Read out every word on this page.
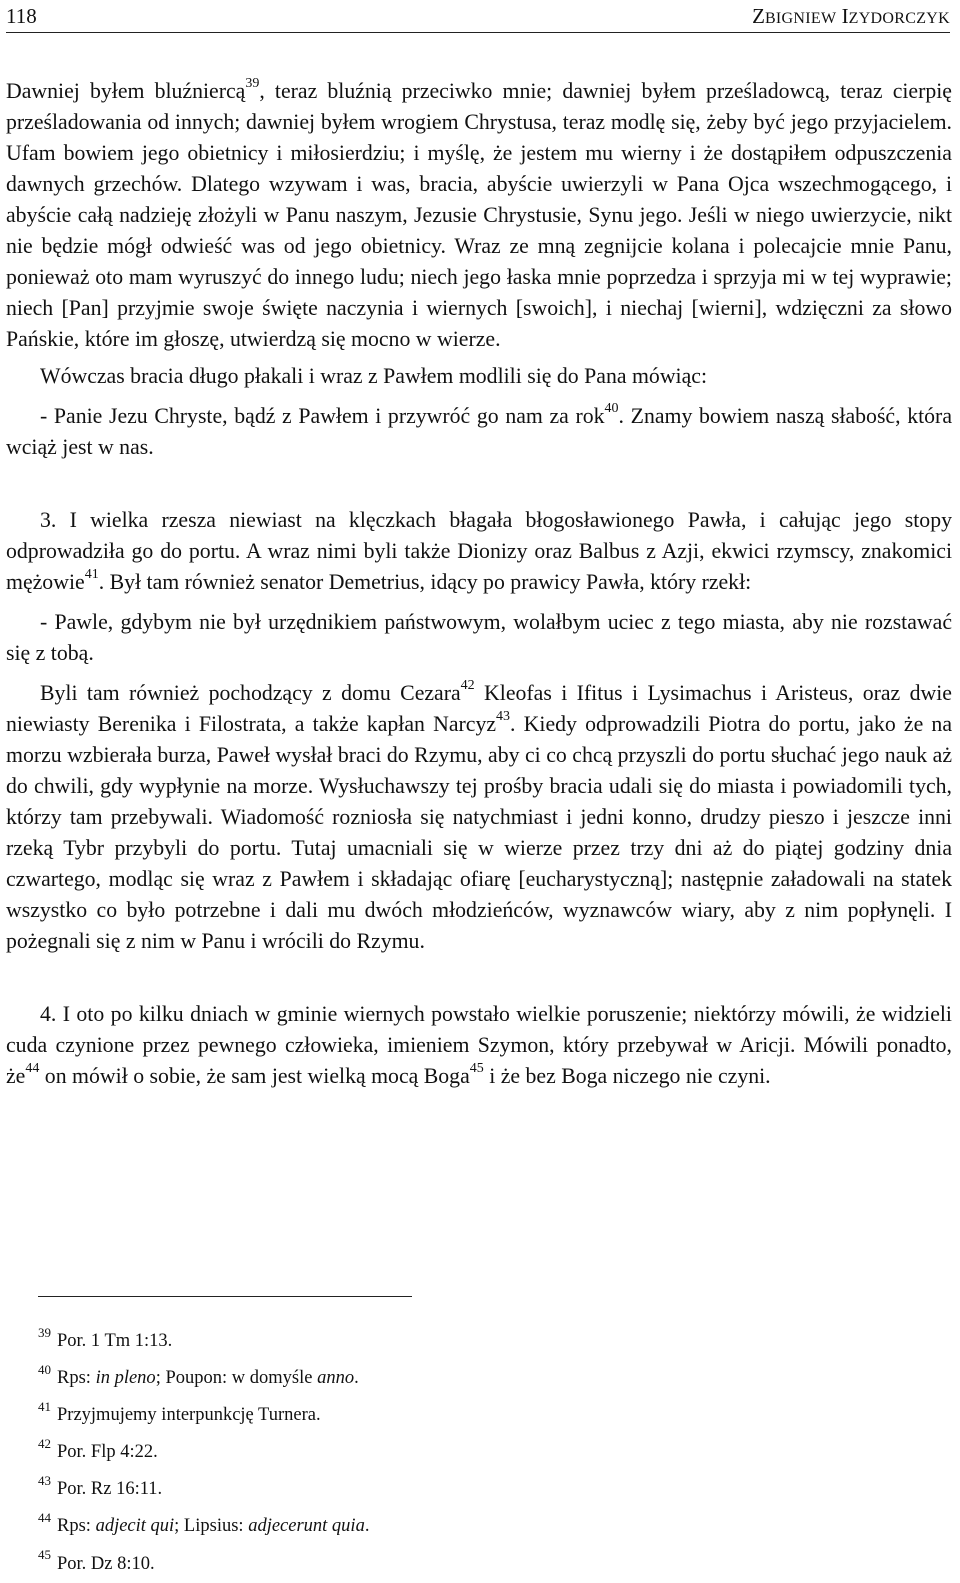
118	ZBIGNIEW IZYDORCZYK

Dawniej byłem bluźniercą$^{39}$, teraz bluźnią przeciwko mnie; dawniej byłem prześladowcą, teraz cierpię prześladowania od innych; dawniej byłem wrogiem Chrystusa, teraz modlę się, żeby być jego przyjacielem. Ufam bowiem jego obietnicy i miłosierdziu; i myślę, że jestem mu wierny i że dostąpiłem odpuszczenia dawnych grzechów. Dlatego wzywam i was, bracia, abyście uwierzyli w Pana Ojca wszechmogącego, i abyście całą nadzieję złożyli w Panu naszym, Jezusie Chrystusie, Synu jego. Jeśli w niego uwierzycie, nikt nie będzie mógł odwieść was od jego obietnicy. Wraz ze mną zegnijcie kolana i polecajcie mnie Panu, ponieważ oto mam wyruszyć do innego ludu; niech jego łaska mnie poprzedza i sprzyja mi w tej wyprawie; niech [Pan] przyjmie swoje święte naczynia i wiernych [swoich], i niechaj [wierni], wdzięczni za słowo Pańskie, które im głoszę, utwierdzą się mocno w wierze.

Wówczas bracia długo płakali i wraz z Pawłem modlili się do Pana mówiąc:

- Panie Jezu Chryste, bądź z Pawłem i przywróć go nam za rok$^{40}$. Znamy bowiem naszą słabość, która wciąż jest w nas.

3. I wielka rzesza niewiast na klęczkach błagała błogosławionego Pawła, i całując jego stopy odprowadziła go do portu. A wraz nimi byli także Dionizy oraz Balbus z Azji, ekwici rzymscy, znakomici mężowie$^{41}$. Był tam również senator Demetrius, idący po prawicy Pawła, który rzekł:

- Pawle, gdybym nie był urzędnikiem państwowym, wolałbym uciec z tego miasta, aby nie rozstawać się z tobą.

Byli tam również pochodzący z domu Cezara$^{42}$ Kleofas i Ifitus i Lysimachus i Aristeus, oraz dwie niewiasty Berenika i Filostrata, a także kapłan Narcyz$^{43}$. Kiedy odprowadzili Piotra do portu, jako że na morzu wzbierała burza, Paweł wysłał braci do Rzymu, aby ci co chcą przyszli do portu słuchać jego nauk aż do chwili, gdy wypłynie na morze. Wysłuchawszy tej prośby bracia udali się do miasta i powiadomili tych, którzy tam przebywali. Wiadomość rozniosła się natychmiast i jedni konno, drudzy pieszo i jeszcze inni rzeką Tybr przybyli do portu. Tutaj umacniali się w wierze przez trzy dni aż do piątej godziny dnia czwartego, modląc się wraz z Pawłem i składając ofiarę [eucharystyczną]; następnie załadowali na statek wszystko co było potrzebne i dali mu dwóch młodzieńców, wyznawców wiary, aby z nim popłynęli. I pożegnali się z nim w Panu i wrócili do Rzymu.

4. I oto po kilku dniach w gminie wiernych powstało wielkie poruszenie; niektórzy mówili, że widzieli cuda czynione przez pewnego człowieka, imieniem Szymon, który przebywał w Aricji. Mówili ponadto, $że^{44}$ on mówił o sobie, że sam jest wielką mocą Boga$^{45}$ i że bez Boga niczego nie czyni.

$^{39}$ Por. 1 Tm 1:13.

$^{40}$ Rps: in pleno; Poupon: w domyśle anno.

$^{41}$ Przyjmujemy interpunkcję Turnera.

$^{42}$ Por. Flp 4:22.

$^{43}$ Por. Rz 16:11.

$^{44}$ Rps: adjecit qui; Lipsius: adjecerunt quia.

$^{45}$ Por. Dz 8:10.
